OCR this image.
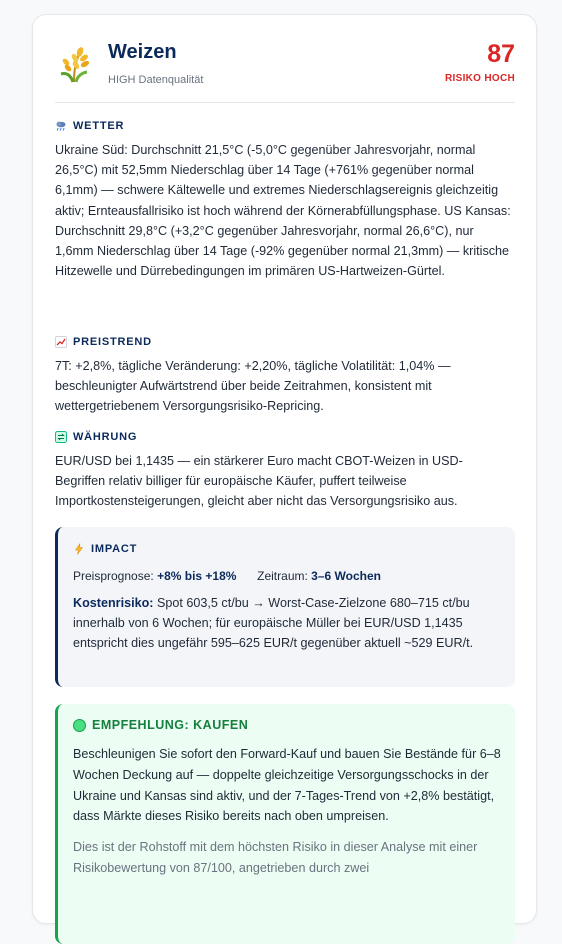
Weizen
HIGH Datenqualität
87
RISIKO HOCH
WETTER
Ukraine Süd: Durchschnitt 21,5°C (-5,0°C gegenüber Jahresvorjahr, normal 26,5°C) mit 52,5mm Niederschlag über 14 Tage (+761% gegenüber normal 6,1mm) — schwere Kältewelle und extremes Niederschlagsereignis gleichzeitig aktiv; Ernteausfallrisiko ist hoch während der Körnerabfüllungsphase. US Kansas: Durchschnitt 29,8°C (+3,2°C gegenüber Jahresvorjahr, normal 26,6°C), nur 1,6mm Niederschlag über 14 Tage (-92% gegenüber normal 21,3mm) — kritische Hitzewelle und Dürrebedingungen im primären US-Hartweizen-Gürtel.
PREISTREND
7T: +2,8%, tägliche Veränderung: +2,20%, tägliche Volatilität: 1,04% — beschleunigter Aufwärtstrend über beide Zeitrahmen, konsistent mit wettergetriebenem Versorgungsrisiko-Repricing.
WÄHRUNG
EUR/USD bei 1,1435 — ein stärkerer Euro macht CBOT-Weizen in USD-Begriffen relativ billiger für europäische Käufer, puffert teilweise Importkostensteigerungen, gleicht aber nicht das Versorgungsrisiko aus.
IMPACT
Preisprognose: +8% bis +18% Zeitraum: 3–6 Wochen
Kostenrisiko: Spot 603,5 ct/bu → Worst-Case-Zielzone 680–715 ct/bu innerhalb von 6 Wochen; für europäische Müller bei EUR/USD 1,1435 entspricht dies ungefähr 595–625 EUR/t gegenüber aktuell ~529 EUR/t.
EMPFEHLUNG: KAUFEN
Beschleunigen Sie sofort den Forward-Kauf und bauen Sie Bestände für 6–8 Wochen Deckung auf — doppelte gleichzeitige Versorgungsschocks in der Ukraine und Kansas sind aktiv, und der 7-Tages-Trend von +2,8% bestätigt, dass Märkte dieses Risiko bereits nach oben umpreisen.
Dies ist der Rohstoff mit dem höchsten Risiko in dieser Analyse mit einer Risikobewertung von 87/100, angetrieben durch zwei
